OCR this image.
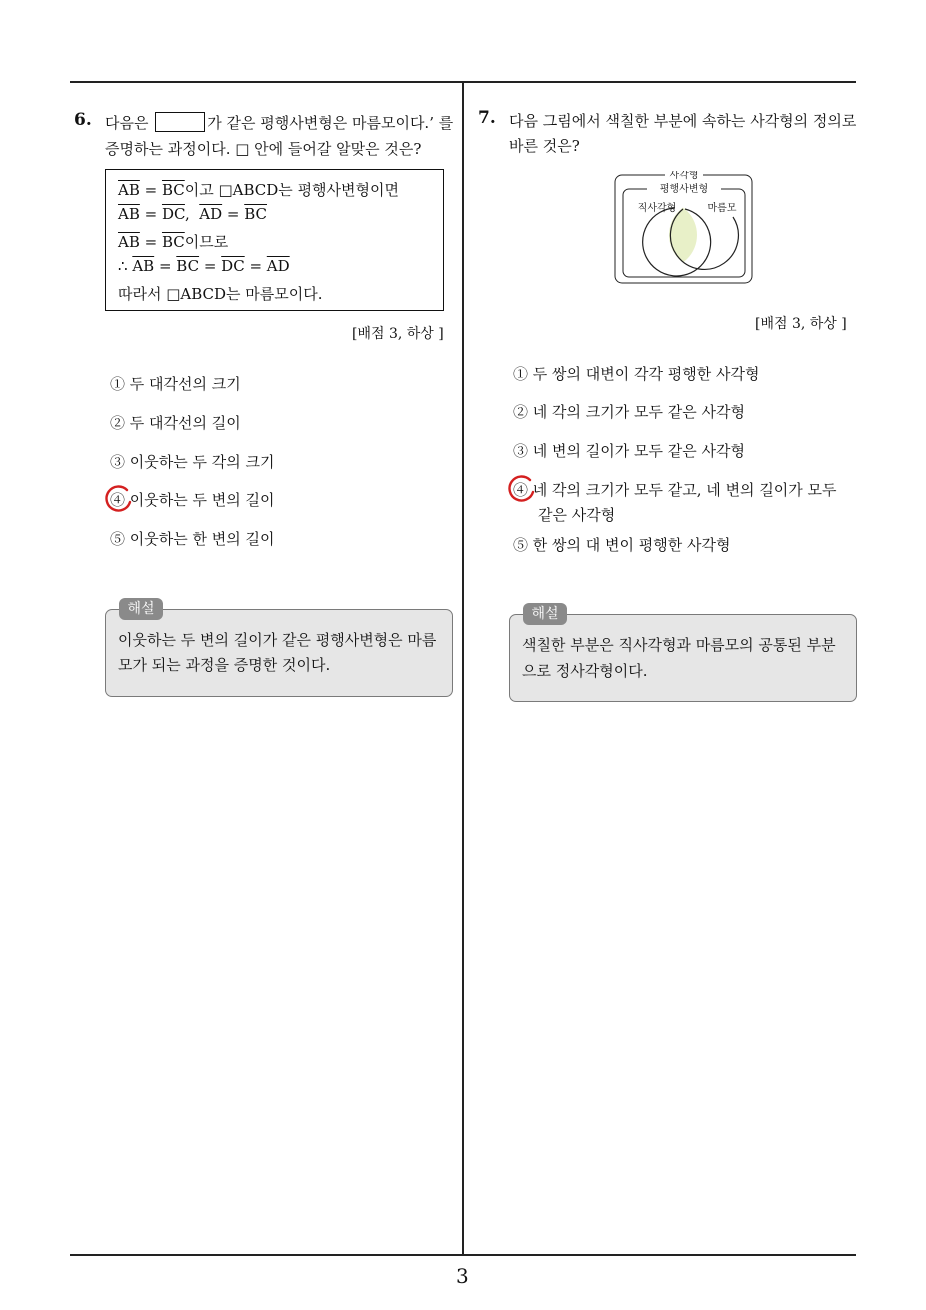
6. 다음은	가 같은 평행사변형은 마름모이다.’ 를
증명하는 과정이다. □ 안에 들어갈 알맞은 것은?
$\overline{AB} = \overline{BC}$이고 □ABCD는 평행사변형이면
$\overline{AB} = \overline{DC}$,  $\overline{AD} = \overline{BC}$
$\overline{AB} = \overline{BC}$이므로
∴ $\overline{AB} = \overline{BC} = \overline{DC} = \overline{AD}$
따라서 □ABCD는 마름모이다.
[배점 3, 하상 ]
① 두 대각선의 크기
② 두 대각선의 길이
③ 이웃하는 두 각의 크기
④ 이웃하는 두 변의 길이
⑤ 이웃하는 한 변의 길이
해설
이웃하는 두 변의 길이가 같은 평행사변형은 마름
모가 되는 과정을 증명한 것이다.
7. 다음 그림에서 색칠한 부분에 속하는 사각형의 정의로
바른 것은?
사각형
평행사변형
직사각형	마름모
[배점 3, 하상 ]
① 두 쌍의 대변이 각각 평행한 사각형
② 네 각의 크기가 모두 같은 사각형
③ 네 변의 길이가 모두 같은 사각형
④ 네 각의 크기가 모두 같고, 네 변의 길이가 모두
같은 사각형
⑤ 한 쌍의 대 변이 평행한 사각형
해설
색칠한 부분은 직사각형과 마름모의 공통된 부분
으로 정사각형이다.
3
